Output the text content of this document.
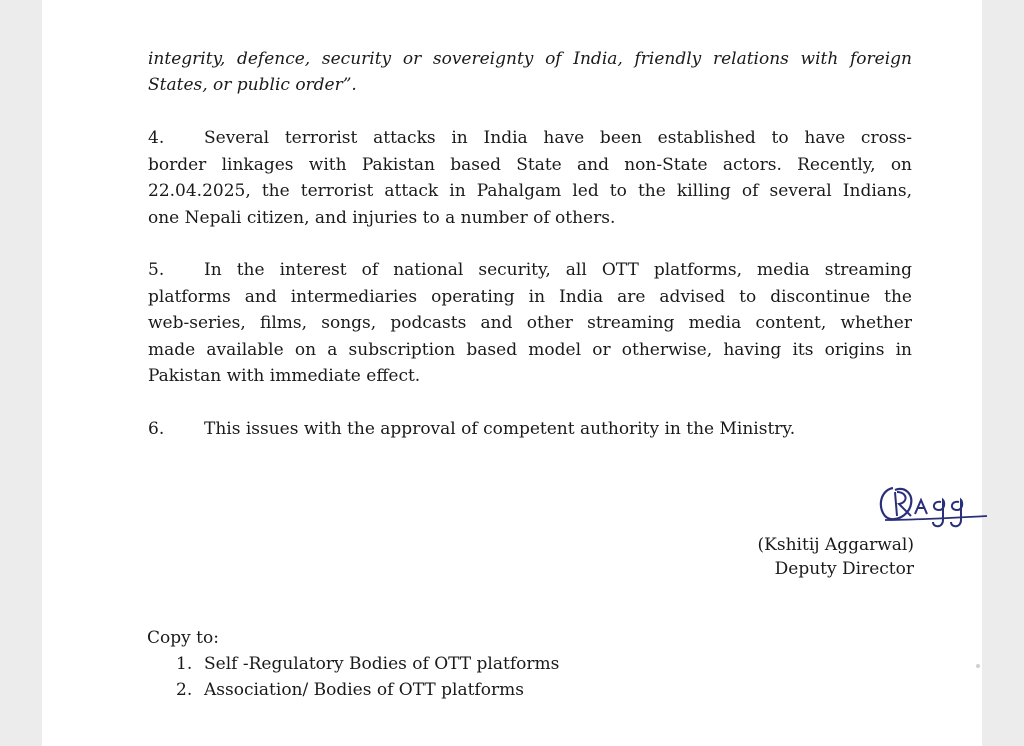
integrity, defence, security or sovereignty of India, friendly relations with foreign
States, or public order”.
4. Several terrorist attacks in India have been established to have cross-
border linkages with Pakistan based State and non-State actors. Recently, on
22.04.2025, the terrorist attack in Pahalgam led to the killing of several Indians,
one Nepali citizen, and injuries to a number of others.
5. In the interest of national security, all OTT platforms, media streaming
platforms and intermediaries operating in India are advised to discontinue the
web-series, films, songs, podcasts and other streaming media content, whether
made available on a subscription based model or otherwise, having its origins in
Pakistan with immediate effect.
6. This issues with the approval of competent authority in the Ministry.
(Kshitij Aggarwal)
Deputy Director
Copy to:
1. Self -Regulatory Bodies of OTT platforms
2. Association/ Bodies of OTT platforms
